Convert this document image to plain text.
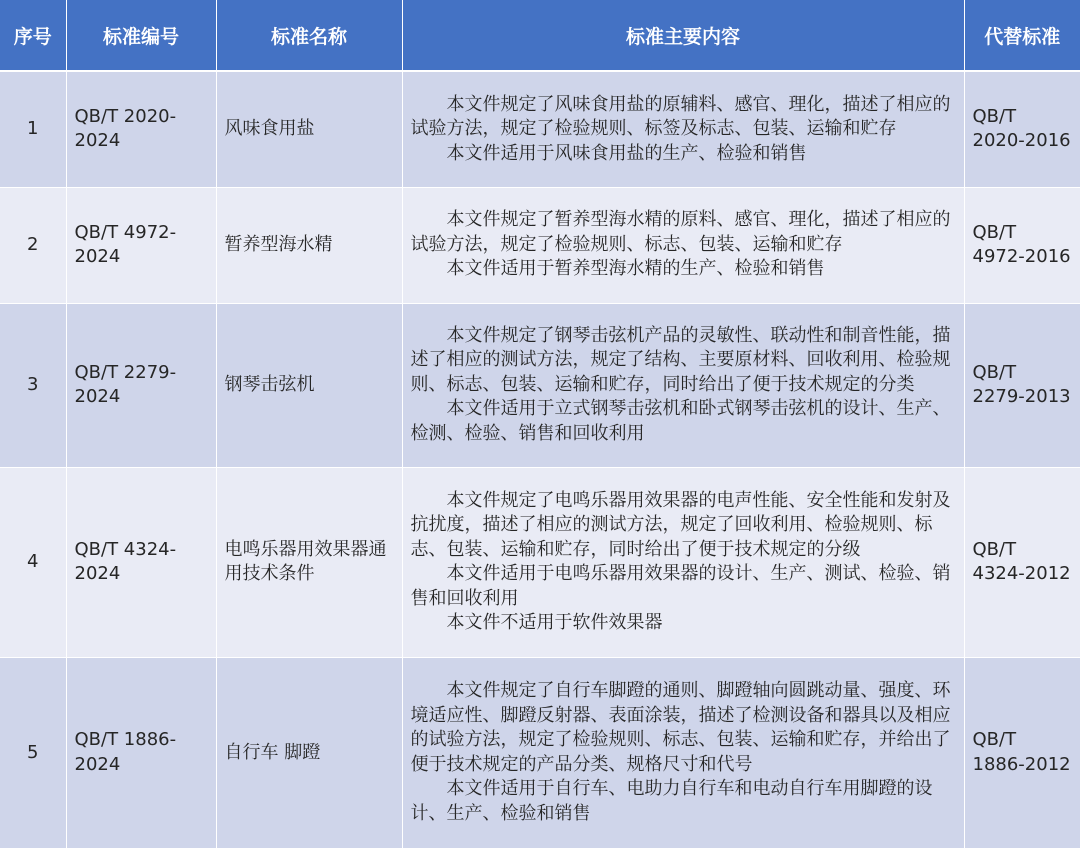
序号	标准编号	标准名称	标准主要内容	代替标准
1	QB/T 2020-2024	风味食用盐	本文件规定了风味食用盐的原辅料、感官、理化，描述了相应的试验方法，规定了检验规则、标签及标志、包装、运输和贮存
本文件适用于风味食用盐的生产、检验和销售	QB/T 2020-2016
2	QB/T 4972-2024	暂养型海水精	本文件规定了暂养型海水精的原料、感官、理化，描述了相应的试验方法，规定了检验规则、标志、包装、运输和贮存
本文件适用于暂养型海水精的生产、检验和销售	QB/T 4972-2016
3	QB/T 2279-2024	钢琴击弦机	本文件规定了钢琴击弦机产品的灵敏性、联动性和制音性能，描述了相应的测试方法，规定了结构、主要原材料、回收利用、检验规则、标志、包装、运输和贮存，同时给出了便于技术规定的分类
本文件适用于立式钢琴击弦机和卧式钢琴击弦机的设计、生产、检测、检验、销售和回收利用	QB/T 2279-2013
4	QB/T 4324-2024	电鸣乐器用效果器通用技术条件	本文件规定了电鸣乐器用效果器的电声性能、安全性能和发射及抗扰度，描述了相应的测试方法，规定了回收利用、检验规则、标志、包装、运输和贮存，同时给出了便于技术规定的分级
本文件适用于电鸣乐器用效果器的设计、生产、测试、检验、销售和回收利用
本文件不适用于软件效果器	QB/T 4324-2012
5	QB/T 1886-2024	自行车 脚蹬	本文件规定了自行车脚蹬的通则、脚蹬轴向圆跳动量、强度、环境适应性、脚蹬反射器、表面涂装，描述了检测设备和器具以及相应的试验方法，规定了检验规则、标志、包装、运输和贮存，并给出了便于技术规定的产品分类、规格尺寸和代号
本文件适用于自行车、电助力自行车和电动自行车用脚蹬的设计、生产、检验和销售	QB/T 1886-2012
